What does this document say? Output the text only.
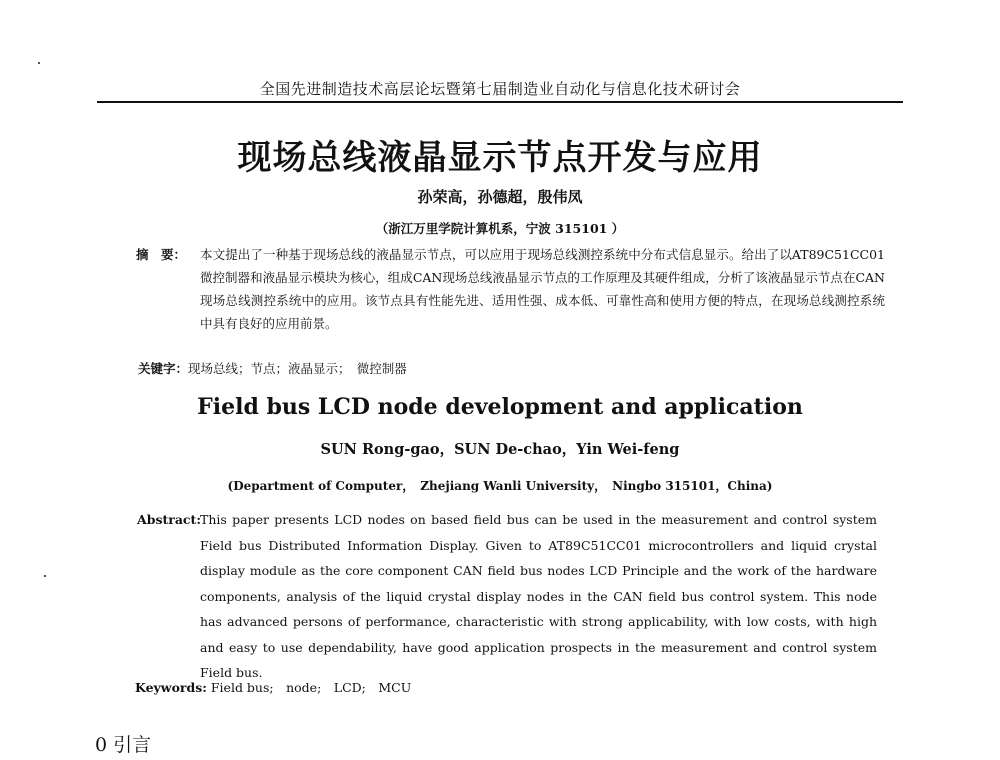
全国先进制造技术高层论坛暨第七届制造业自动化与信息化技术研讨会
现场总线液晶显示节点开发与应用
孙荣高，孙德超，殷伟凤
（浙江万里学院计算机系，宁波 315101 ）
摘　要：	本文提出了一种基于现场总线的液晶显示节点，可以应用于现场总线测控系统中分布式信息显示。给出了以AT89C51CC01微控制器和液晶显示模块为核心，组成CAN现场总线液晶显示节点的工作原理及其硬件组成，分析了该液晶显示节点在CAN现场总线测控系统中的应用。该节点具有性能先进、适用性强、成本低、可靠性高和使用方便的特点，在现场总线测控系统中具有良好的应用前景。
关键字：现场总线；节点；液晶显示；　微控制器
Field bus LCD node development and application
SUN Rong-gao，SUN De-chao，Yin Wei-feng
(Department of Computer，　Zhejiang Wanli University，　Ningbo 315101，China)
Abstract: This paper presents LCD nodes on based field bus can be used in the measurement and control system Field bus Distributed Information Display. Given to AT89C51CC01 microcontrollers and liquid crystal display module as the core component CAN field bus nodes LCD Principle and the work of the hardware components, analysis of the liquid crystal display nodes in the CAN field bus control system. This node has advanced persons of performance, characteristic with strong applicability, with low costs, with high and easy to use dependability, have good application prospects in the measurement and control system Field bus.
Keywords: Field bus;　node;　LCD;　MCU
0 引言
